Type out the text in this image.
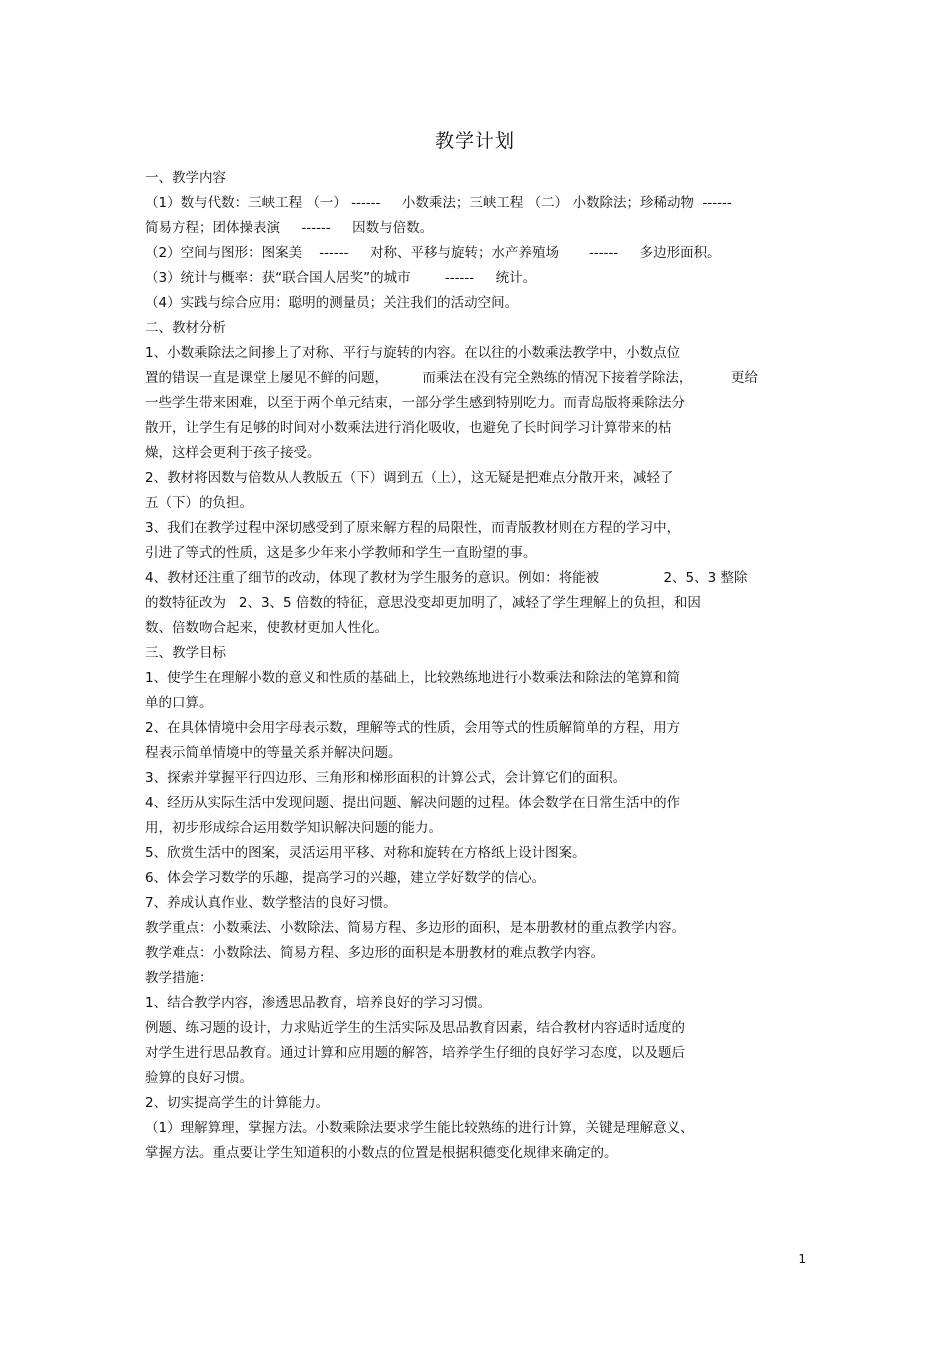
教学计划
一、教学内容
（1）数与代数：三峡工程 （一） ------     小数乘法；三峡工程 （二） 小数除法；珍稀动物  ------
简易方程；团体操表演     ------     因数与倍数。
（2）空间与图形：图案美    ------     对称、平移与旋转；水产养殖场       ------     多边形面积。
（3）统计与概率：获“联合国人居奖”的城市        ------     统计。
（4）实践与综合应用：聪明的测量员；关注我们的活动空间。
二、教材分析
1、小数乘除法之间掺上了对称、平行与旋转的内容。在以往的小数乘法教学中，小数点位
置的错误一直是课堂上屡见不鲜的问题，        而乘法在没有完全熟练的情况下接着学除法，         更给
一些学生带来困难，以至于两个单元结束，一部分学生感到特别吃力。而青岛版将乘除法分
散开，让学生有足够的时间对小数乘法进行消化吸收，也避免了长时间学习计算带来的枯
燥，这样会更利于孩子接受。
2、教材将因数与倍数从人教版五（下）调到五（上），这无疑是把难点分散开来，减轻了
五（下）的负担。
3、我们在教学过程中深切感受到了原来解方程的局限性，而青版教材则在方程的学习中，
引进了等式的性质，这是多少年来小学教师和学生一直盼望的事。
4、教材还注重了细节的改动，体现了教材为学生服务的意识。例如：将能被               2、5、3 整除
的数特征改为   2、3、5 倍数的特征，意思没变却更加明了，减轻了学生理解上的负担，和因
数、倍数吻合起来，使教材更加人性化。
三、教学目标
1、使学生在理解小数的意义和性质的基础上，比较熟练地进行小数乘法和除法的笔算和简
单的口算。
2、在具体情境中会用字母表示数，理解等式的性质，会用等式的性质解简单的方程，用方
程表示简单情境中的等量关系并解决问题。
3、探索并掌握平行四边形、三角形和梯形面积的计算公式，会计算它们的面积。
4、经历从实际生活中发现问题、提出问题、解决问题的过程。体会数学在日常生活中的作
用，初步形成综合运用数学知识解决问题的能力。
5、欣赏生活中的图案，灵活运用平移、对称和旋转在方格纸上设计图案。
6、体会学习数学的乐趣，提高学习的兴趣，建立学好数学的信心。
7、养成认真作业、数学整洁的良好习惯。
教学重点：小数乘法、小数除法、简易方程、多边形的面积，是本册教材的重点教学内容。
教学难点：小数除法、简易方程、多边形的面积是本册教材的难点教学内容。
教学措施：
1、结合教学内容，渗透思品教育，培养良好的学习习惯。
例题、练习题的设计，力求贴近学生的生活实际及思品教育因素，结合教材内容适时适度的
对学生进行思品教育。通过计算和应用题的解答，培养学生仔细的良好学习态度，以及题后
验算的良好习惯。
2、切实提高学生的计算能力。
（1）理解算理，掌握方法。小数乘除法要求学生能比较熟练的进行计算，关键是理解意义、
掌握方法。重点要让学生知道积的小数点的位置是根据积德变化规律来确定的。
1
